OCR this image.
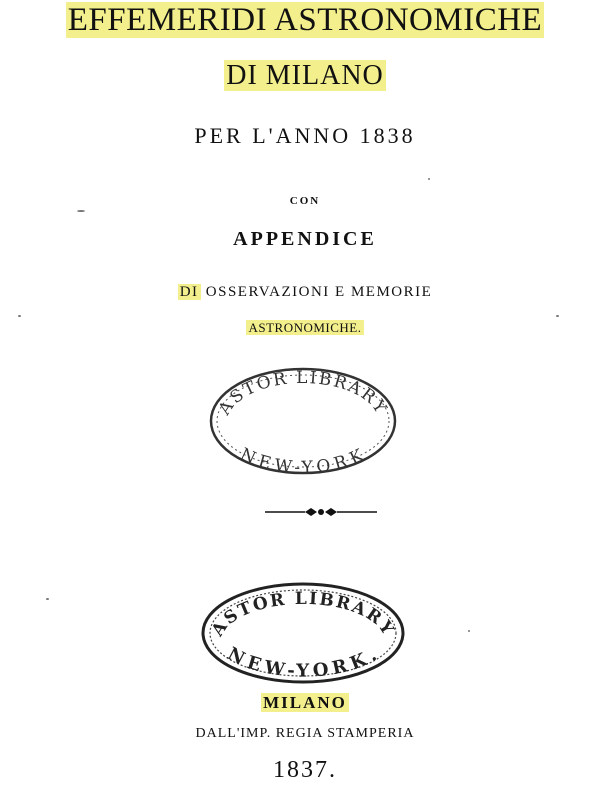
EFFEMERIDI ASTRONOMICHE
DI MILANO
PER L'ANNO 1838
CON
APPENDICE
DI OSSERVAZIONI E MEMORIE
ASTRONOMICHE.
ASTOR LIBRARY
NEW-YORK
ASTOR LIBRARY
NEW-YORK.
MILANO
DALL'IMP. REGIA STAMPERIA
1837.
